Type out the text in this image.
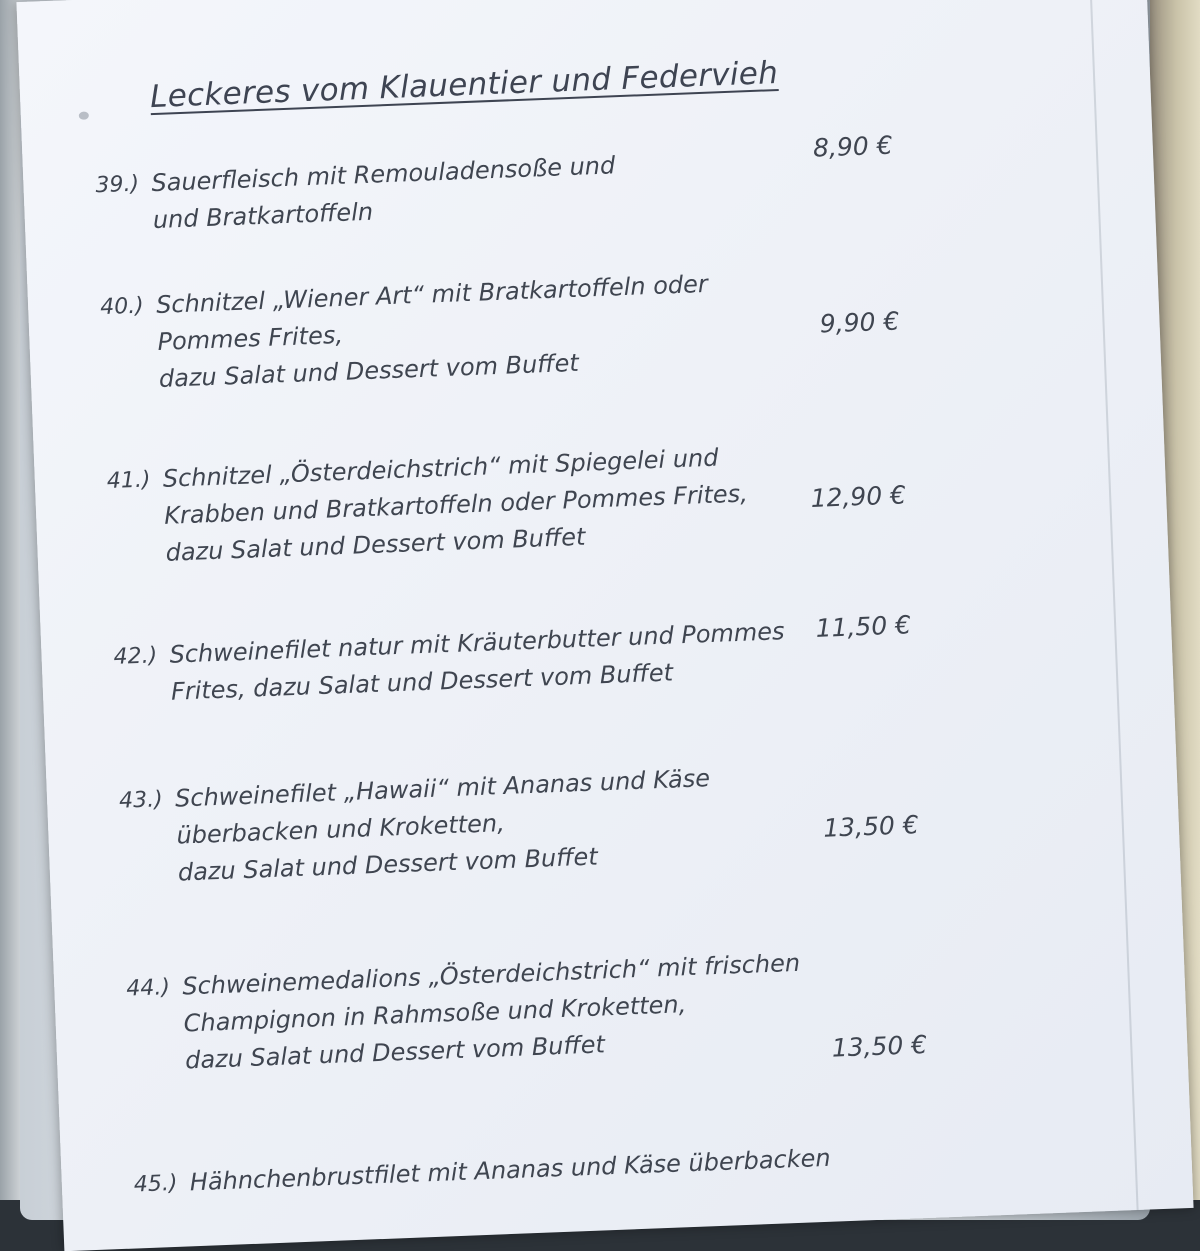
Leckeres vom Klauentier und Federvieh
39.) Sauerfleisch mit Remouladensoße und
und Bratkartoffeln
8,90 €
40.) Schnitzel „Wiener Art“ mit Bratkartoffeln oder
Pommes Frites,
dazu Salat und Dessert vom Buffet
9,90 €
41.) Schnitzel „Österdeichstrich“ mit Spiegelei und
Krabben und Bratkartoffeln oder Pommes Frites,
dazu Salat und Dessert vom Buffet
12,90 €
42.) Schweinefilet natur mit Kräuterbutter und Pommes
Frites, dazu Salat und Dessert vom Buffet
11,50 €
43.) Schweinefilet „Hawaii“ mit Ananas und Käse
überbacken und Kroketten,
dazu Salat und Dessert vom Buffet
13,50 €
44.) Schweinemedalions „Österdeichstrich“ mit frischen
Champignon in Rahmsoße und Kroketten,
dazu Salat und Dessert vom Buffet	13,50 €
45.) Hähnchenbrustfilet mit Ananas und Käse überbacken
